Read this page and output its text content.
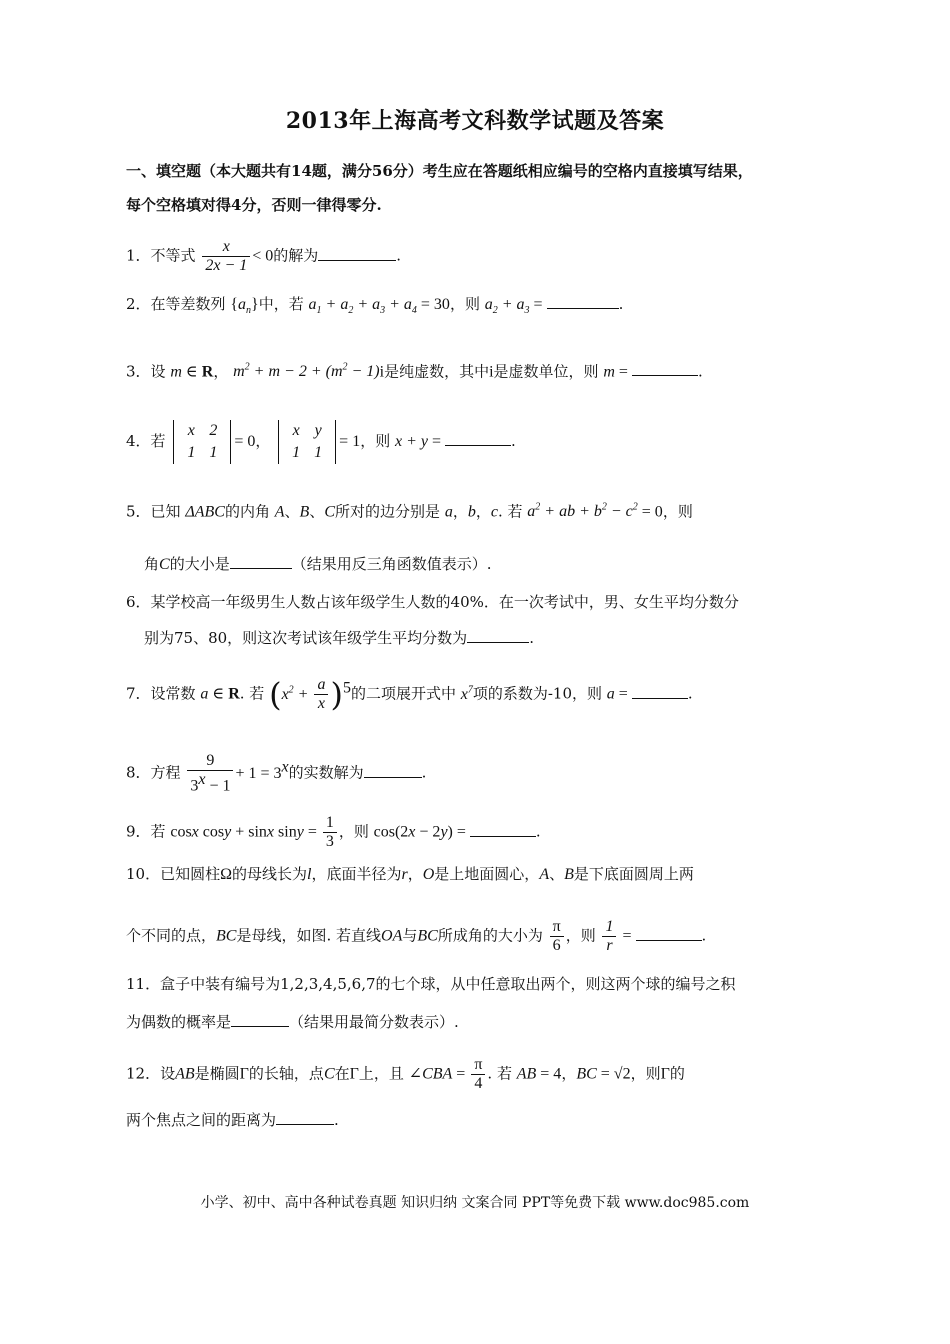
2013年上海高考文科数学试题及答案
一、填空题（本大题共有14题，满分56分）考生应在答题纸相应编号的空格内直接填写结果，
每个空格填对得4分，否则一律得零分.
1．不等式 $\frac{x}{2x - 1} < 0$的解为	.
2．在等差数列 $\{a_n\}$中，若 $a_1 + a_2 + a_3 + a_4 = 30$，则 $a_2 + a_3$ =	.
3．设 m ∈ R， $m^2 + m - 2 + (m^2 - 1)i$是纯虚数，其中i是虚数单位，则 m =	.
4．若 x 2
1 1= 0， x y
1 1= 1，则 x + y =	.
5．已知 ΔABC的内角 A、B、C所对的边分别是 a，b，c. 若 $a^2$ + ab + $b^2 - c^2 = 0$，则
角C的大小是	（结果用反三角函数值表示）.
6．某学校高一年级男生人数占该年级学生人数的40%．在一次考试中，男、女生平均分数分
别为75、80，则这次考试该年级学生平均分数为	.
7．设常数 a ∈ R. 若 $(x^2 + \frac{a}{x} )^5$的二项展开式中 $x^7$项的系数为-10，则 a =	.
8．方程 $\frac{9}{3^x - 1} + 1 = 3^x$的实数解为	.
9．若 cosx cosy + sinx $\sin y = \frac{1}{3}$ ，则 cos(2x − 2y) =	.
10．已知圆柱Ω的母线长为l，底面半径为r，O是上地面圆心，A、B是下底面圆周上两
个不同的点，BC是母线，如图. 若直线OA与BC所成角的大小为 $\frac{\pi}{6}$ ，则 $\frac{1}{r}$ =	.
11．盒子中装有编号为1,2,3,4,5,6,7的七个球，从中任意取出两个，则这两个球的编号之积
为偶数的概率是	（结果用最简分数表示）.
12．设AB是椭圆Γ的长轴，点C在Γ上，且 ∠CBA = $\frac{\pi}{4}$ . 若 AB = 4，BC = √2，则Γ的
两个焦点之间的距离为	.
小学、初中、高中各种试卷真题 知识归纳 文案合同 PPT等免费下载 www.doc985.com
